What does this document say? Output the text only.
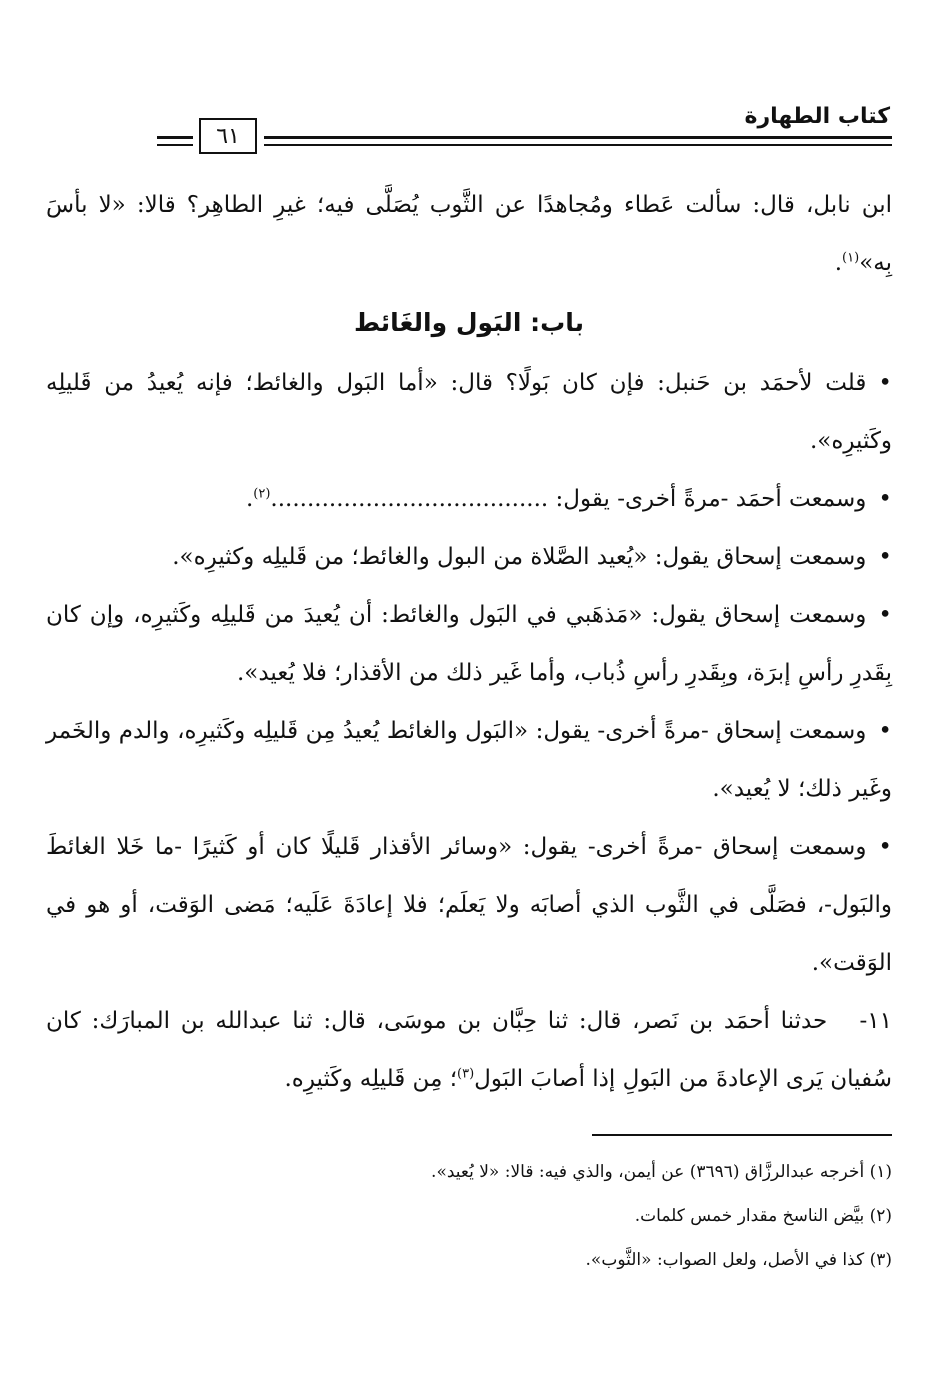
كتاب الطهارة
٦١

ابن نابل، قال: سألت عَطاء ومُجاهدًا عن الثَّوب يُصَلَّى فيه؛ غيرِ الطاهِر؟ قالا: «لا بأسَ بِه»$^{(١)}$.

باب: البَول والغَائط

•قلت لأحمَد بن حَنبل: فإن كان بَولًا؟ قال: «أما البَول والغائط؛ فإنه يُعيدُ من قَليلِه وكَثيرِه».

•وسمعت أحمَد -مرةً أخرى- يقول: ......................................$^{(٢)}$.

•وسمعت إسحاق يقول: «يُعيد الصَّلاة من البول والغائط؛ من قَليلِه وكثيرِه».

•وسمعت إسحاق يقول: «مَذهَبي في البَول والغائط: أن يُعيدَ من قَليلِه وكَثيرِه، وإن كان بِقَدرِ رأسِ إبرَة، وبِقَدرِ رأسِ ذُباب، وأما غَير ذلك من الأقذار؛ فلا يُعيد».

•وسمعت إسحاق -مرةً أخرى- يقول: «البَول والغائط يُعيدُ مِن قَليلِه وكَثيرِه، والدم والخَمر وغَير ذلك؛ لا يُعيد».

•وسمعت إسحاق -مرةً أخرى- يقول: «وسائر الأقذار قَليلًا كان أو كَثيرًا -ما خَلا الغائطَ والبَول-، فصَلَّى في الثَّوب الذي أصابَه ولا يَعلَم؛ فلا إعادَةَ عَلَيه؛ مَضى الوَقت، أو هو في الوَقت».

١١-   حدثنا أحمَد بن نَصر، قال: ثنا حِبَّان بن موسَى، قال: ثنا عبدالله بن المبارَك: كان سُفيان يَرى الإعادةَ من البَولِ إذا أصابَ البَول$^{(٣)}$؛ مِن قَليلِه وكَثيرِه.

(١) أخرجه عبدالرزَّاق (٣٦٩٦) عن أيمن، والذي فيه: قالا: «لا يُعيد».

(٢) بيَّض الناسخ مقدار خمس كلمات.

(٣) كذا في الأصل، ولعل الصواب: «الثَّوب».
